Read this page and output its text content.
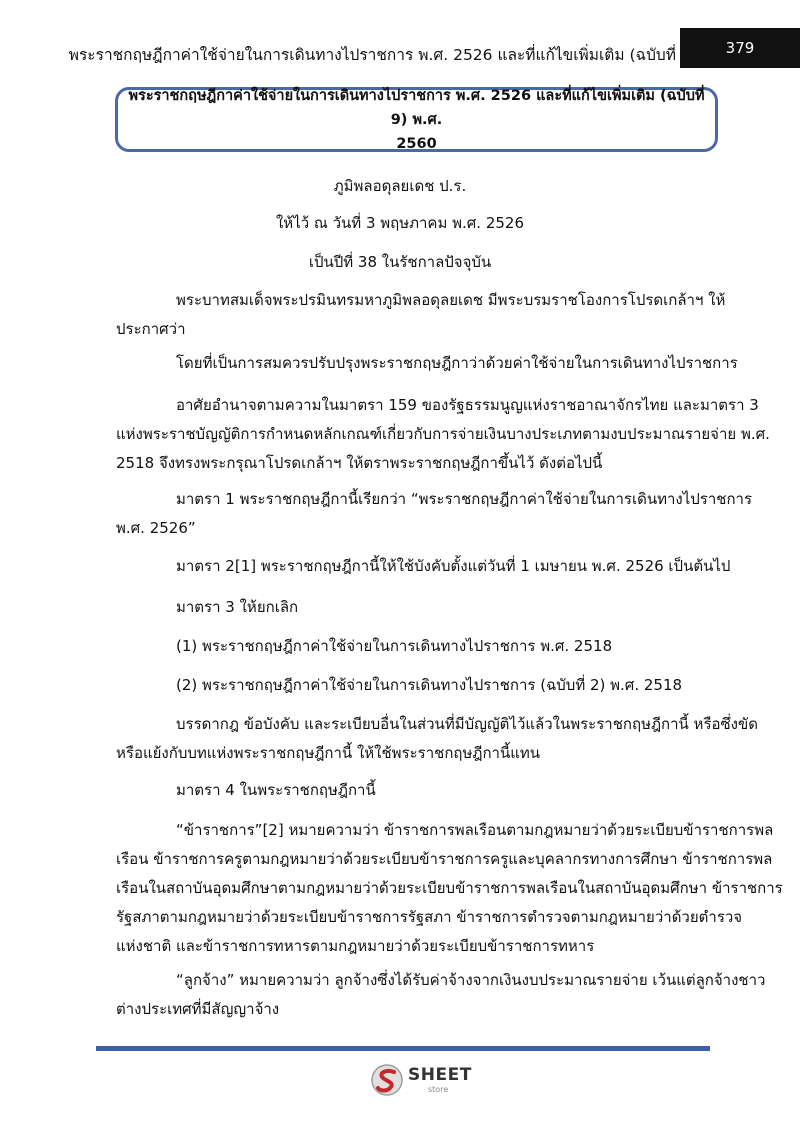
พระราชกฤษฎีกาค่าใช้จ่ายในการเดินทางไปราชการ พ.ศ. 2526 และที่แก้ไขเพิ่มเติม (ฉบับที่	379
พระราชกฤษฎีกาค่าใช้จ่ายในการเดินทางไปราชการ พ.ศ. 2526 และที่แก้ไขเพิ่มเติม (ฉบับที่ 9) พ.ศ.
2560
ภูมิพลอดุลยเดช ป.ร.
ให้ไว้ ณ วันที่ 3 พฤษภาคม พ.ศ. 2526
เป็นปีที่ 38 ในรัชกาลปัจจุบัน
พระบาทสมเด็จพระปรมินทรมหาภูมิพลอดุลยเดช มีพระบรมราชโองการโปรดเกล้าฯ ให้
ประกาศว่า
โดยที่เป็นการสมควรปรับปรุงพระราชกฤษฎีกาว่าด้วยค่าใช้จ่ายในการเดินทางไปราชการ
อาศัยอำนาจตามความในมาตรา 159 ของรัฐธรรมนูญแห่งราชอาณาจักรไทย และมาตรา 3
แห่งพระราชบัญญัติการกำหนดหลักเกณฑ์เกี่ยวกับการจ่ายเงินบางประเภทตามงบประมาณรายจ่าย พ.ศ.
2518 จึงทรงพระกรุณาโปรดเกล้าฯ ให้ตราพระราชกฤษฎีกาขึ้นไว้ ดังต่อไปนี้
มาตรา 1 พระราชกฤษฎีกานี้เรียกว่า “พระราชกฤษฎีกาค่าใช้จ่ายในการเดินทางไปราชการ
พ.ศ. 2526”
มาตรา 2[1] พระราชกฤษฎีกานี้ให้ใช้บังคับตั้งแต่วันที่ 1 เมษายน พ.ศ. 2526 เป็นต้นไป
มาตรา 3 ให้ยกเลิก
(1) พระราชกฤษฎีกาค่าใช้จ่ายในการเดินทางไปราชการ พ.ศ. 2518
(2) พระราชกฤษฎีกาค่าใช้จ่ายในการเดินทางไปราชการ (ฉบับที่ 2) พ.ศ. 2518
บรรดากฎ ข้อบังคับ และระเบียบอื่นในส่วนที่มีบัญญัติไว้แล้วในพระราชกฤษฎีกานี้ หรือซึ่งขัด
หรือแย้งกับบทแห่งพระราชกฤษฎีกานี้ ให้ใช้พระราชกฤษฎีกานี้แทน
มาตรา 4 ในพระราชกฤษฎีกานี้
“ข้าราชการ”[2] หมายความว่า ข้าราชการพลเรือนตามกฎหมายว่าด้วยระเบียบข้าราชการพล
เรือน ข้าราชการครูตามกฎหมายว่าด้วยระเบียบข้าราชการครูและบุคลากรทางการศึกษา ข้าราชการพล
เรือนในสถาบันอุดมศึกษาตามกฎหมายว่าด้วยระเบียบข้าราชการพลเรือนในสถาบันอุดมศึกษา ข้าราชการ
รัฐสภาตามกฎหมายว่าด้วยระเบียบข้าราชการรัฐสภา ข้าราชการตำรวจตามกฎหมายว่าด้วยตำรวจ
แห่งชาติ และข้าราชการทหารตามกฎหมายว่าด้วยระเบียบข้าราชการทหาร
“ลูกจ้าง” หมายความว่า ลูกจ้างซึ่งได้รับค่าจ้างจากเงินงบประมาณรายจ่าย เว้นแต่ลูกจ้างชาว
ต่างประเทศที่มีสัญญาจ้าง
SHEET
store
